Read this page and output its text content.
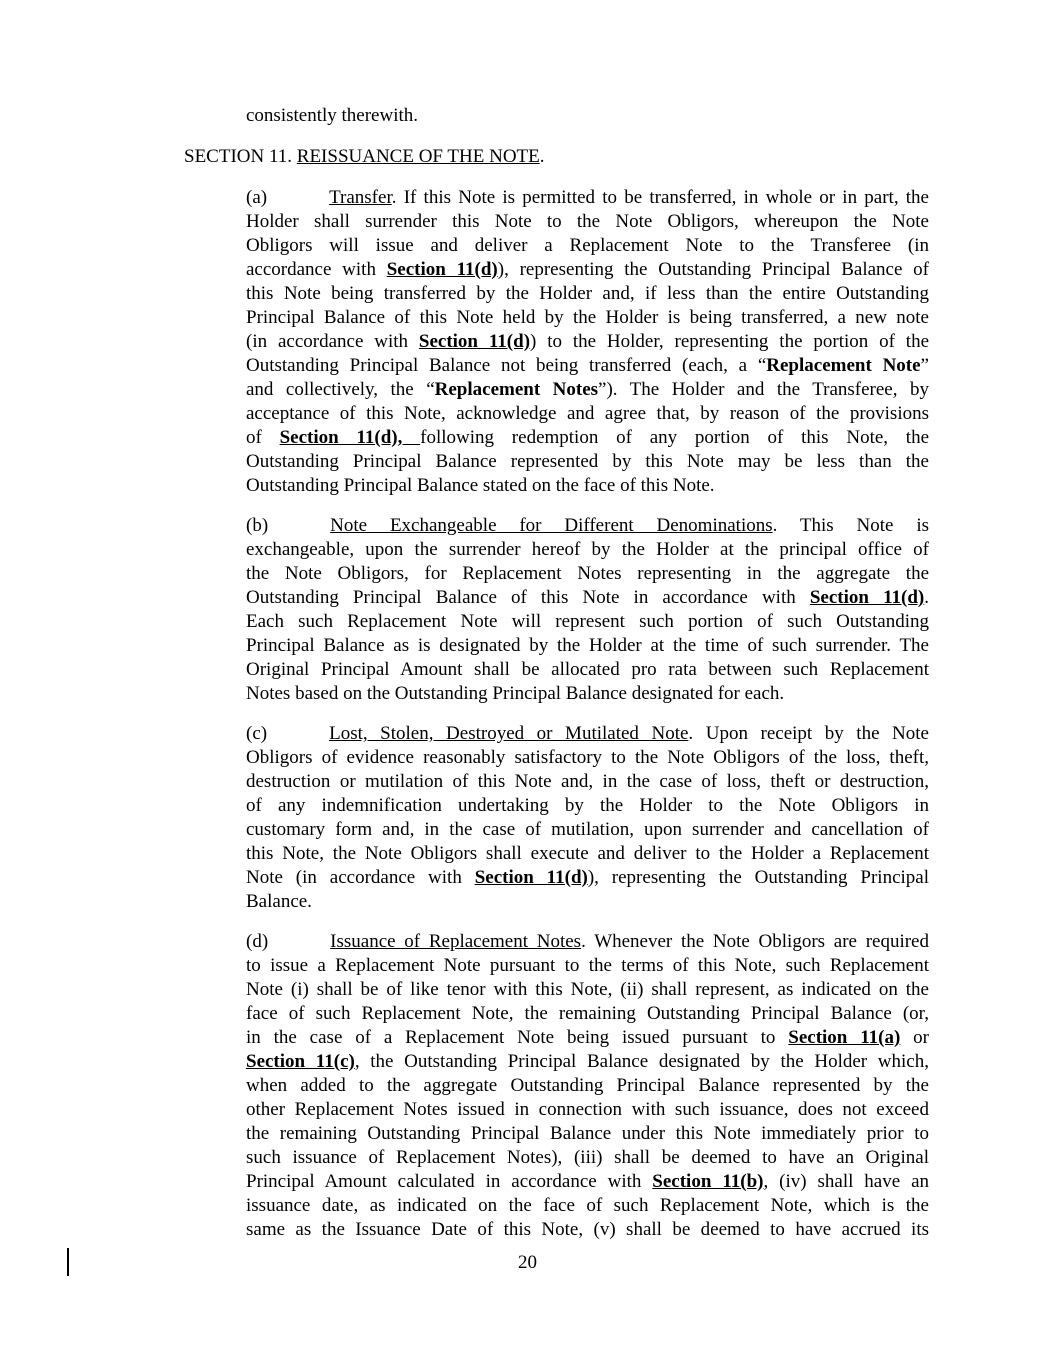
consistently therewith.
SECTION 11. REISSUANCE OF THE NOTE.
(a)	Transfer. If this Note is permitted to be transferred, in whole or in part, the
Holder shall surrender this Note to the Note Obligors, whereupon the Note
Obligors will issue and deliver a Replacement Note to the Transferee (in
accordance with Section 11(d)), representing the Outstanding Principal Balance of
this Note being transferred by the Holder and, if less than the entire Outstanding
Principal Balance of this Note held by the Holder is being transferred, a new note
(in accordance with Section 11(d)) to the Holder, representing the portion of the
Outstanding Principal Balance not being transferred (each, a “Replacement Note”
and collectively, the “Replacement Notes”). The Holder and the Transferee, by
acceptance of this Note, acknowledge and agree that, by reason of the provisions
of Section 11(d), following redemption of any portion of this Note, the
Outstanding Principal Balance represented by this Note may be less than the
Outstanding Principal Balance stated on the face of this Note.
(b)	Note Exchangeable for Different Denominations. This Note is
exchangeable, upon the surrender hereof by the Holder at the principal office of
the Note Obligors, for Replacement Notes representing in the aggregate the
Outstanding Principal Balance of this Note in accordance with Section 11(d).
Each such Replacement Note will represent such portion of such Outstanding
Principal Balance as is designated by the Holder at the time of such surrender. The
Original Principal Amount shall be allocated pro rata between such Replacement
Notes based on the Outstanding Principal Balance designated for each.
(c)	Lost, Stolen, Destroyed or Mutilated Note. Upon receipt by the Note
Obligors of evidence reasonably satisfactory to the Note Obligors of the loss, theft,
destruction or mutilation of this Note and, in the case of loss, theft or destruction,
of any indemnification undertaking by the Holder to the Note Obligors in
customary form and, in the case of mutilation, upon surrender and cancellation of
this Note, the Note Obligors shall execute and deliver to the Holder a Replacement
Note (in accordance with Section 11(d)), representing the Outstanding Principal
Balance.
(d)	Issuance of Replacement Notes. Whenever the Note Obligors are required
to issue a Replacement Note pursuant to the terms of this Note, such Replacement
Note (i) shall be of like tenor with this Note, (ii) shall represent, as indicated on the
face of such Replacement Note, the remaining Outstanding Principal Balance (or,
in the case of a Replacement Note being issued pursuant to Section 11(a) or
Section 11(c), the Outstanding Principal Balance designated by the Holder which,
when added to the aggregate Outstanding Principal Balance represented by the
other Replacement Notes issued in connection with such issuance, does not exceed
the remaining Outstanding Principal Balance under this Note immediately prior to
such issuance of Replacement Notes), (iii) shall be deemed to have an Original
Principal Amount calculated in accordance with Section 11(b), (iv) shall have an
issuance date, as indicated on the face of such Replacement Note, which is the
same as the Issuance Date of this Note, (v) shall be deemed to have accrued its
20
